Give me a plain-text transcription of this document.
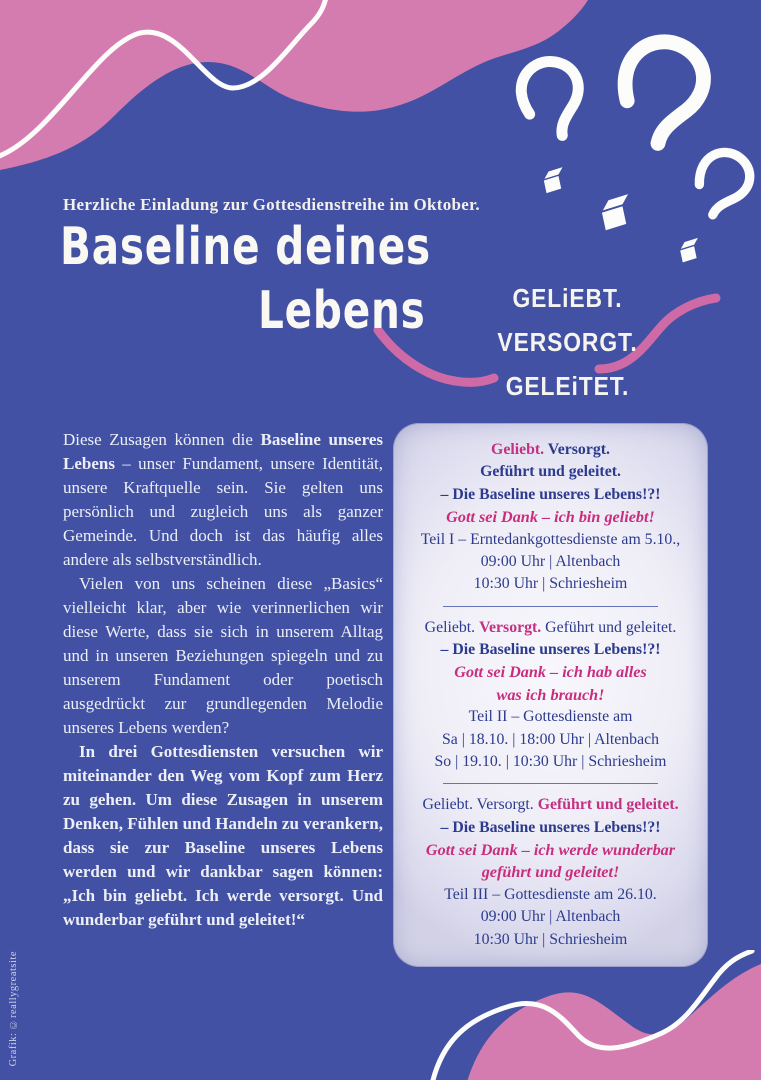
Herzliche Einladung zur Gottesdienstreihe im Oktober.
Baseline deines
Lebens	GELiEBT.
VERSORGT.
GELEiTET.

Diese Zusagen können die Baseline unseres Lebens – unser Fundament, unsere Identität, unsere Kraftquelle sein. Sie gelten uns persönlich und zugleich uns als ganzer Gemeinde. Und doch ist das häufig alles andere als selbstverständlich.

Vielen von uns scheinen diese „Basics“ vielleicht klar, aber wie verinnerlichen wir diese Werte, dass sie sich in unserem Alltag und in unseren Beziehungen spiegeln und zu unserem Fundament oder poetisch ausgedrückt zur grundlegenden Melodie unseres Lebens werden?

In drei Gottesdiensten versuchen wir miteinander den Weg vom Kopf zum Herz zu gehen. Um diese Zusagen in unserem Denken, Fühlen und Handeln zu verankern, dass sie zur Baseline unseres Lebens werden und wir dankbar sagen können: „Ich bin geliebt. Ich werde versorgt. Und wunderbar geführt und geleitet!“

Geliebt. Versorgt.
Geführt und geleitet.
– Die Baseline unseres Lebens!?!
Gott sei Dank – ich bin geliebt!
Teil I – Erntedankgottesdienste am 5.10.,
09:00 Uhr | Altenbach
10:30 Uhr | Schriesheim
Geliebt. Versorgt. Geführt und geleitet.
– Die Baseline unseres Lebens!?!
Gott sei Dank – ich hab alles
was ich brauch!
Teil II – Gottesdienste am
Sa | 18.10. | 18:00 Uhr | Altenbach
So | 19.10. | 10:30 Uhr | Schriesheim
Geliebt. Versorgt. Geführt und geleitet.
– Die Baseline unseres Lebens!?!
Gott sei Dank – ich werde wunderbar
geführt und geleitet!
Teil III – Gottesdienste am 26.10.
09:00 Uhr | Altenbach
10:30 Uhr | Schriesheim
Grafik: ©reallygreatsite
